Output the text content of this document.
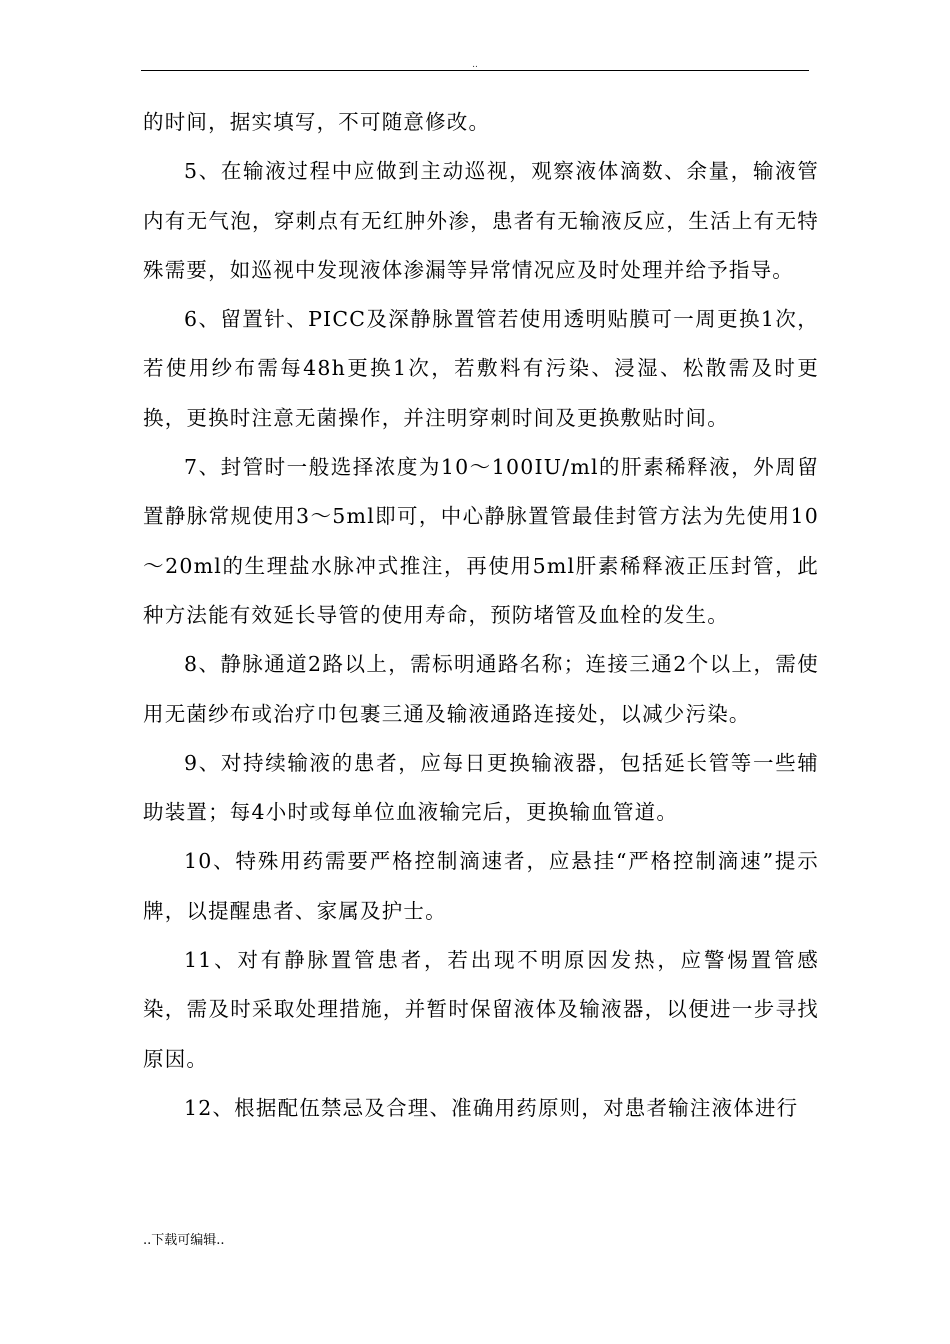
..

的时间，据实填写，不可随意修改。

5、在输液过程中应做到主动巡视，观察液体滴数、余量，输液管内有无气泡，穿刺点有无红肿外渗，患者有无输液反应，生活上有无特殊需要，如巡视中发现液体渗漏等异常情况应及时处理并给予指导。

6、留置针、PICC及深静脉置管若使用透明贴膜可一周更换1次，若使用纱布需每48h更换1次，若敷料有污染、浸湿、松散需及时更换，更换时注意无菌操作，并注明穿刺时间及更换敷贴时间。

7、封管时一般选择浓度为10～100IU/ml的肝素稀释液，外周留置静脉常规使用3～5ml即可，中心静脉置管最佳封管方法为先使用10～20ml的生理盐水脉冲式推注，再使用5ml肝素稀释液正压封管，此种方法能有效延长导管的使用寿命，预防堵管及血栓的发生。

8、静脉通道2路以上，需标明通路名称；连接三通2个以上，需使用无菌纱布或治疗巾包裹三通及输液通路连接处，以减少污染。

9、对持续输液的患者，应每日更换输液器，包括延长管等一些辅助装置；每4小时或每单位血液输完后，更换输血管道。

10、特殊用药需要严格控制滴速者，应悬挂“严格控制滴速”提示牌，以提醒患者、家属及护士。

11、对有静脉置管患者，若出现不明原因发热，应警惕置管感染，需及时采取处理措施，并暂时保留液体及输液器，以便进一步寻找原因。

12、根据配伍禁忌及合理、准确用药原则，对患者输注液体进行

..下载可编辑..
